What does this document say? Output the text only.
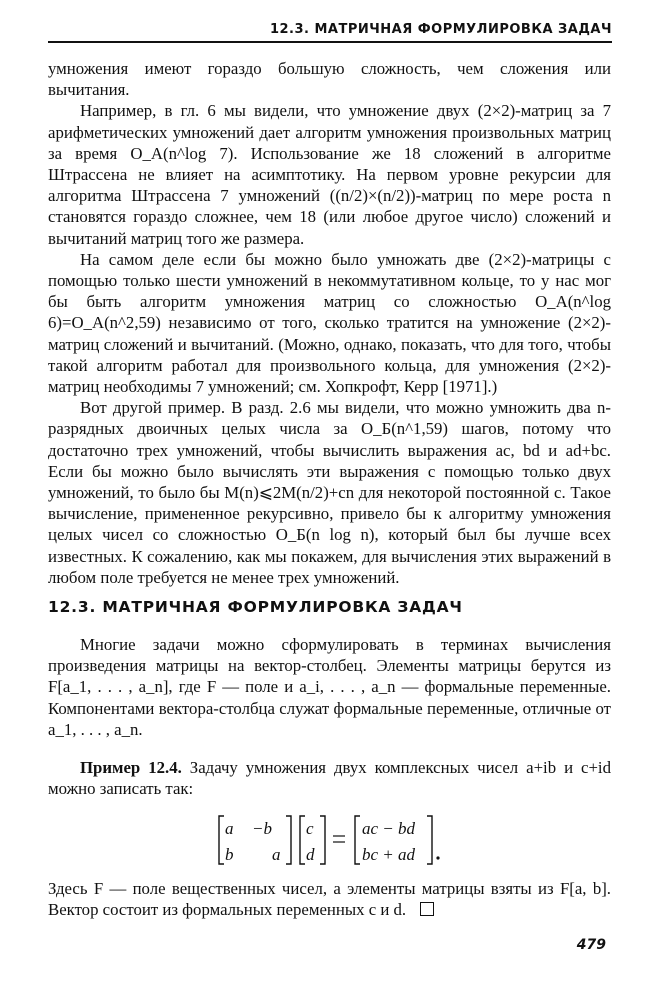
12.3. МАТРИЧНАЯ ФОРМУЛИРОВКА ЗАДАЧ

умножения имеют гораздо большую сложность, чем сложения или вычитания.

Например, в гл. 6 мы видели, что умножение двух (2×2)-матриц за 7 арифметических умножений дает алгоритм умножения произвольных матриц за время O_A(n^log 7). Использование же 18 сложений в алгоритме Штрассена не влияет на асимптотику. На первом уровне рекурсии для алгоритма Штрассена 7 умножений ((n/2)×(n/2))-матриц по мере роста n становятся гораздо сложнее, чем 18 (или любое другое число) сложений и вычитаний матриц того же размера.

На самом деле если бы можно было умножать две (2×2)-матрицы с помощью только шести умножений в некоммутативном кольце, то у нас мог бы быть алгоритм умножения матриц со сложностью O_A(n^log 6)=O_A(n^2,59) независимо от того, сколько тратится на умножение (2×2)-матриц сложений и вычитаний. (Можно, однако, показать, что для того, чтобы такой алгоритм работал для произвольного кольца, для умножения (2×2)-матриц необходимы 7 умножений; см. Хопкрофт, Керр [1971].)

Вот другой пример. В разд. 2.6 мы видели, что можно умножить два n-разрядных двоичных целых числа за O_Б(n^1,59) шагов, потому что достаточно трех умножений, чтобы вычислить выражения ac, bd и ad+bc. Если бы можно было вычислять эти выражения с помощью только двух умножений, то было бы M(n)⩽2M(n/2)+cn для некоторой постоянной c. Такое вычисление, примененное рекурсивно, привело бы к алгоритму умножения целых чисел со сложностью O_Б(n log n), который был бы лучше всех известных. К сожалению, как мы покажем, для вычисления этих выражений в любом поле требуется не менее трех умножений.

12.3. МАТРИЧНАЯ ФОРМУЛИРОВКА ЗАДАЧ

Многие задачи можно сформулировать в терминах вычисления произведения матрицы на вектор-столбец. Элементы матрицы берутся из F[a_1, . . . , a_n], где F — поле и a_i, . . . , a_n — формальные переменные. Компонентами вектора-столбца служат формальные переменные, отличные от a_1, . . . , a_n.

Пример 12.4. Задачу умножения двух комплексных чисел a+ib и c+id можно записать так:

a −b
b a
c
d
ac − bd
bc + ad

Здесь F — поле вещественных чисел, а элементы матрицы взяты из F[a, b]. Вектор состоит из формальных переменных c и d.

479
